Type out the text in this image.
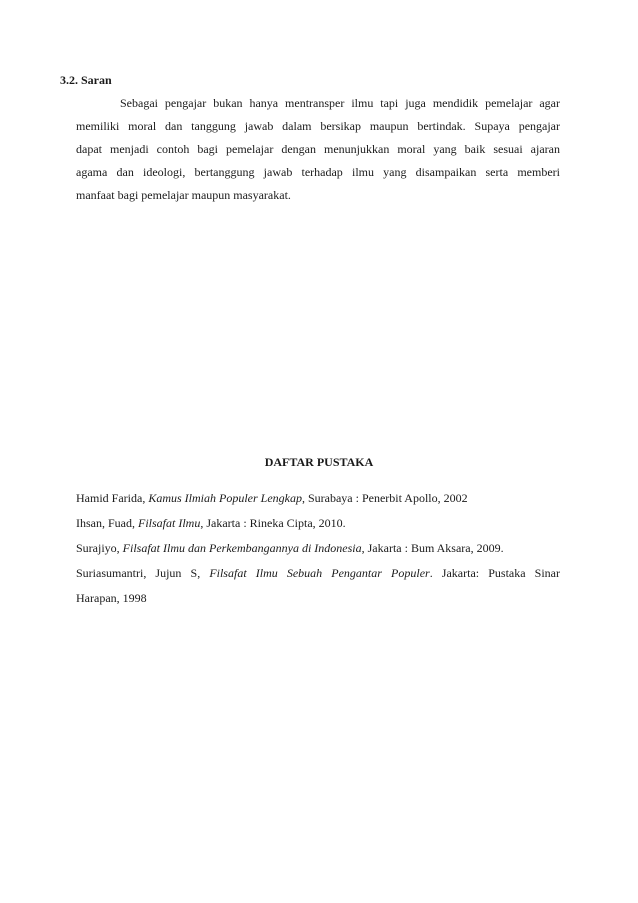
3.2. Saran
Sebagai pengajar bukan hanya mentransper ilmu tapi juga mendidik pemelajar agar
memiliki moral dan tanggung jawab dalam bersikap maupun bertindak. Supaya pengajar
dapat menjadi contoh bagi pemelajar dengan menunjukkan moral yang baik sesuai ajaran
agama dan ideologi, bertanggung jawab terhadap ilmu yang disampaikan serta memberi
manfaat bagi pemelajar maupun masyarakat.
DAFTAR PUSTAKA
Hamid Farida, Kamus Ilmiah Populer Lengkap, Surabaya : Penerbit Apollo, 2002
Ihsan, Fuad, Filsafat Ilmu, Jakarta : Rineka Cipta, 2010.
Surajiyo, Filsafat Ilmu dan Perkembangannya di Indonesia, Jakarta : Bum Aksara, 2009.
Suriasumantri, Jujun S, Filsafat Ilmu Sebuah Pengantar Populer. Jakarta: Pustaka Sinar
Harapan, 1998
